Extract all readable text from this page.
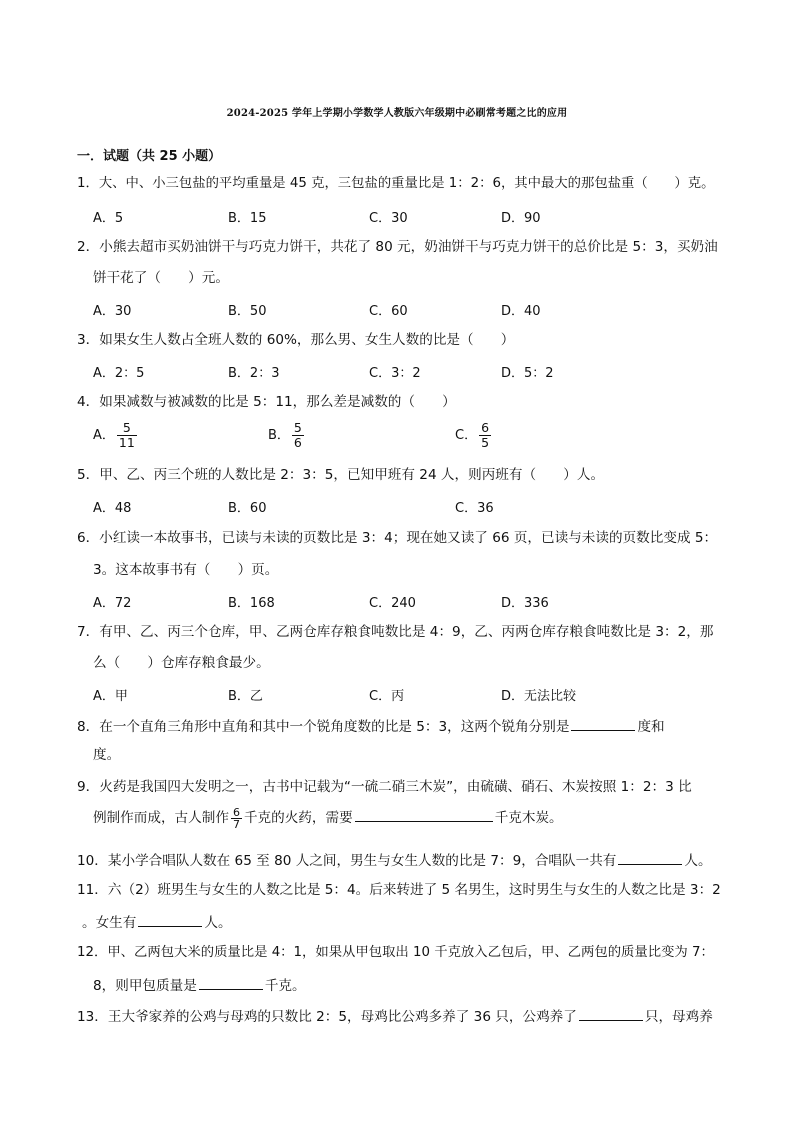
2024-2025 学年上学期小学数学人教版六年级期中必刷常考题之比的应用
一．试题（共 25 小题）
1．大、中、小三包盐的平均重量是 45 克，三包盐的重量比是 1：2：6，其中最大的那包盐重（　　）克。
A．5	B．15	C．30	D．90
2．小熊去超市买奶油饼干与巧克力饼干，共花了 80 元，奶油饼干与巧克力饼干的总价比是 5：3，买奶油
饼干花了（　　）元。
A．30	B．50	C．60	D．40
3．如果女生人数占全班人数的 60%，那么男、女生人数的比是（　　）
A．2：5	B．2：3	C．3：2	D．5：2
4．如果减数与被减数的比是 5：11，那么差是减数的（　　）
A． $\frac{5}{11}$	B． $\frac{5}{6}$	C． $\frac{6}{5}$
5．甲、乙、丙三个班的人数比是 2：3：5，已知甲班有 24 人，则丙班有（　　）人。
A．48	B．60	C．36
6．小红读一本故事书，已读与未读的页数比是 3：4；现在她又读了 66 页，已读与未读的页数比变成 5：
3。这本故事书有（　　）页。
A．72	B．168	C．240	D．336
7．有甲、乙、丙三个仓库，甲、乙两仓库存粮食吨数比是 4：9，乙、丙两仓库存粮食吨数比是 3：2，那
么（　　）仓库存粮食最少。
A．甲	B．乙	C．丙	D．无法比较
8．在一个直角三角形中直角和其中一个锐角度数的比是 5：3，这两个锐角分别是	度和
度。
9．火药是我国四大发明之一，古书中记载为“一硫二硝三木炭”，由硫磺、硝石、木炭按照 1：2：3 比
例制作而成，古人制作 $\frac{6}{7}$ 千克的火药，需要	千克木炭。
10．某小学合唱队人数在 65 至 80 人之间，男生与女生人数的比是 7：9，合唱队一共有	人。
11．六（2）班男生与女生的人数之比是 5：4。后来转进了 5 名男生，这时男生与女生的人数之比是 3：2
。女生有	人。
12．甲、乙两包大米的质量比是 4：1，如果从甲包取出 10 千克放入乙包后，甲、乙两包的质量比变为 7：
8，则甲包质量是	千克。
13．王大爷家养的公鸡与母鸡的只数比 2：5，母鸡比公鸡多养了 36 只，公鸡养了	只，母鸡养
